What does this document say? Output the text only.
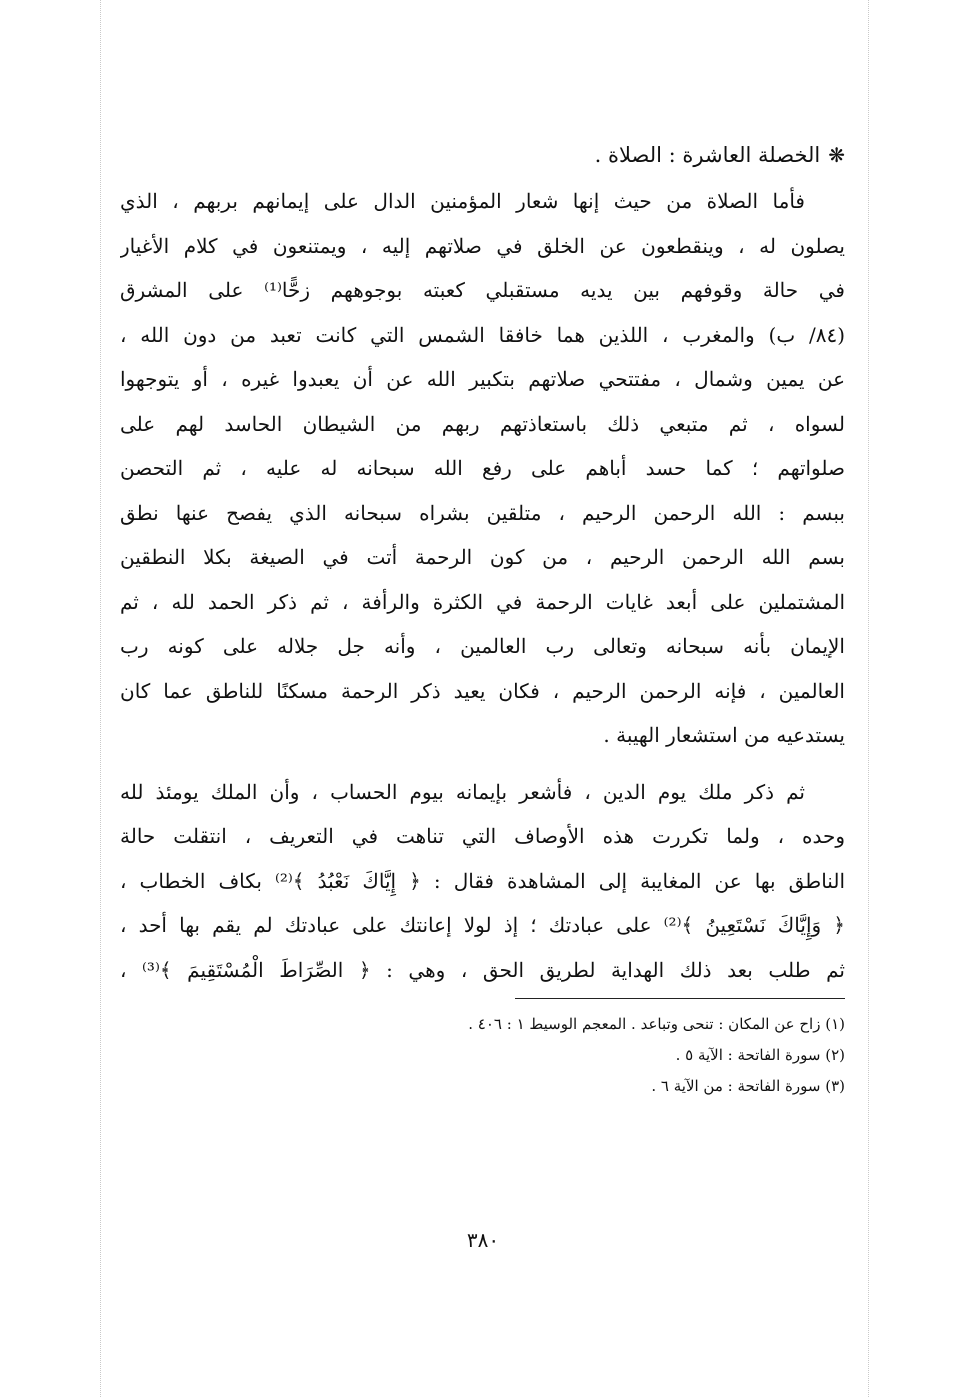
❋الخصلة العاشرة : الصلاة .

فأما الصلاة من حيث إنها شعار المؤمنين الدال على إيمانهم بربهم ، الذي

يصلون له ، وينقطعون عن الخلق في صلاتهم إليه ، ويمتنعون في كلام الأغيار

في حالة وقوفهم بين يديه مستقبلي كعبته بوجوههم زحًّا⁽¹⁾ على المشرق

(٨٤/ ب) والمغرب ، اللذين هما خافقا الشمس التي كانت تعبد من دون الله ،

عن يمين وشمال ، مفتتحي صلاتهم بتكبير الله عن أن يعبدوا غيره ، أو يتوجهوا

لسواه ، ثم متبعي ذلك باستعاذتهم ربهم من الشيطان الحاسد لهم على

صلواتهم ؛ كما حسد أباهم على رفع الله سبحانه له عليه ، ثم التحصن

ببسم : الله الرحمن الرحيم ، متلقين بشراه سبحانه الذي يفصح عنها نطق

بسم الله الرحمن الرحيم ، من كون الرحمة أتت في الصيغة بكلا النطقين

المشتملين على أبعد غايات الرحمة في الكثرة والرأفة ، ثم ذكر الحمد لله ، ثم

الإيمان بأنه سبحانه وتعالى رب العالمين ، وأنه جل جلاله على كونه رب

العالمين ، فإنه الرحمن الرحيم ، فكان يعيد ذكر الرحمة مسكنًا للناطق عما كان

يستدعيه من استشعار الهيبة .

ثم ذكر ملك يوم الدين ، فأشعر بإيمانه بيوم الحساب ، وأن الملك يومئذ لله

وحده ، ولما تكررت هذه الأوصاف التي تناهت في التعريف ، انتقلت حالة

الناطق بها عن المغايبة إلى المشاهدة فقال : ﴿ إِيَّاكَ نَعْبُدُ ﴾⁽²⁾ بكاف الخطاب ،

﴿ وَإِيَّاكَ نَسْتَعِينُ ﴾⁽²⁾ على عبادتك ؛ إذ لولا إعانتك على عبادتك لم يقم بها أحد ،

ثم طلب بعد ذلك الهداية لطريق الحق ، وهي : ﴿ الصِّرَاطَ الْمُسْتَقِيمَ ﴾⁽³⁾ ،

(١) زاح عن المكان : تنحى وتباعد . المعجم الوسيط ١ : ٤٠٦ .

(٢) سورة الفاتحة : الآية ٥ .

(٣) سورة الفاتحة : من الآية ٦ .

٣٨٠
